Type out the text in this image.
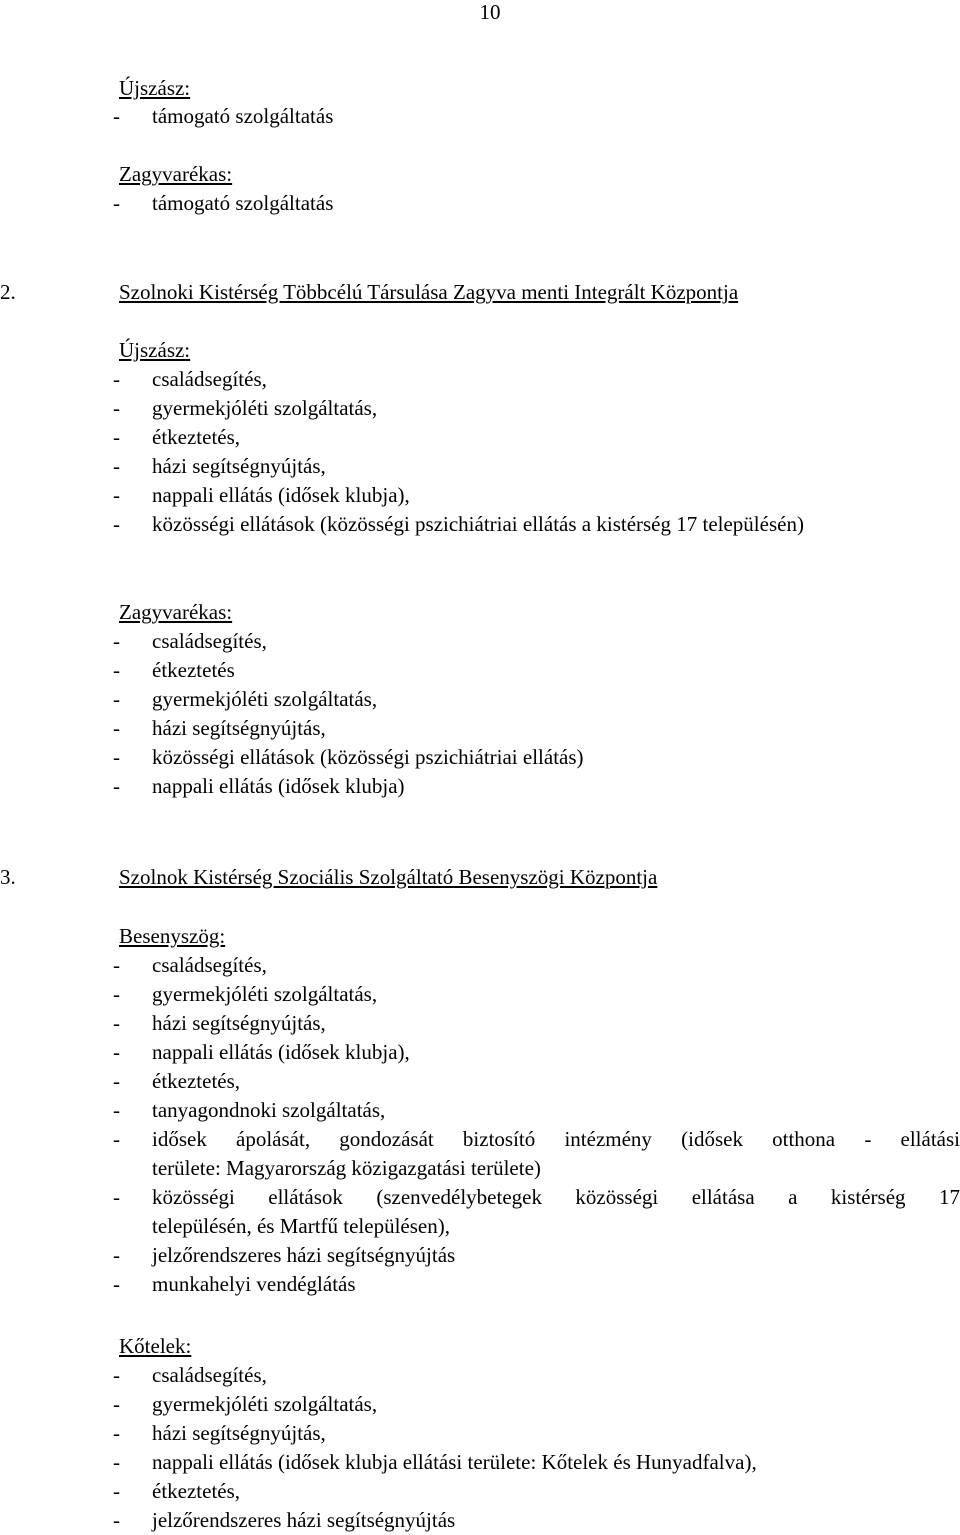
10
Újszász:
- támogató szolgáltatás
Zagyvarékas:
- támogató szolgáltatás
2.	Szolnoki Kistérség Többcélú Társulása Zagyva menti Integrált Központja
Újszász:
- családsegítés,
- gyermekjóléti szolgáltatás,
- étkeztetés,
- házi segítségnyújtás,
- nappali ellátás (idősek klubja),
- közösségi ellátások (közösségi pszichiátriai ellátás a kistérség 17 településén)
Zagyvarékas:
- családsegítés,
- étkeztetés
- gyermekjóléti szolgáltatás,
- házi segítségnyújtás,
- közösségi ellátások (közösségi pszichiátriai ellátás)
- nappali ellátás (idősek klubja)
3.	Szolnok Kistérség Szociális Szolgáltató Besenyszögi Központja
Besenyszög:
- családsegítés,
- gyermekjóléti szolgáltatás,
- házi segítségnyújtás,
- nappali ellátás (idősek klubja),
- étkeztetés,
- tanyagondnoki szolgáltatás,
- idősek ápolását, gondozását biztosító intézmény (idősek otthona - ellátási
területe: Magyarország közigazgatási területe)
- közösségi ellátások (szenvedélybetegek közösségi ellátása a kistérség 17
településén, és Martfű településen),
- jelzőrendszeres házi segítségnyújtás
- munkahelyi vendéglátás
Kőtelek:
- családsegítés,
- gyermekjóléti szolgáltatás,
- házi segítségnyújtás,
- nappali ellátás (idősek klubja ellátási területe: Kőtelek és Hunyadfalva),
- étkeztetés,
- jelzőrendszeres házi segítségnyújtás
